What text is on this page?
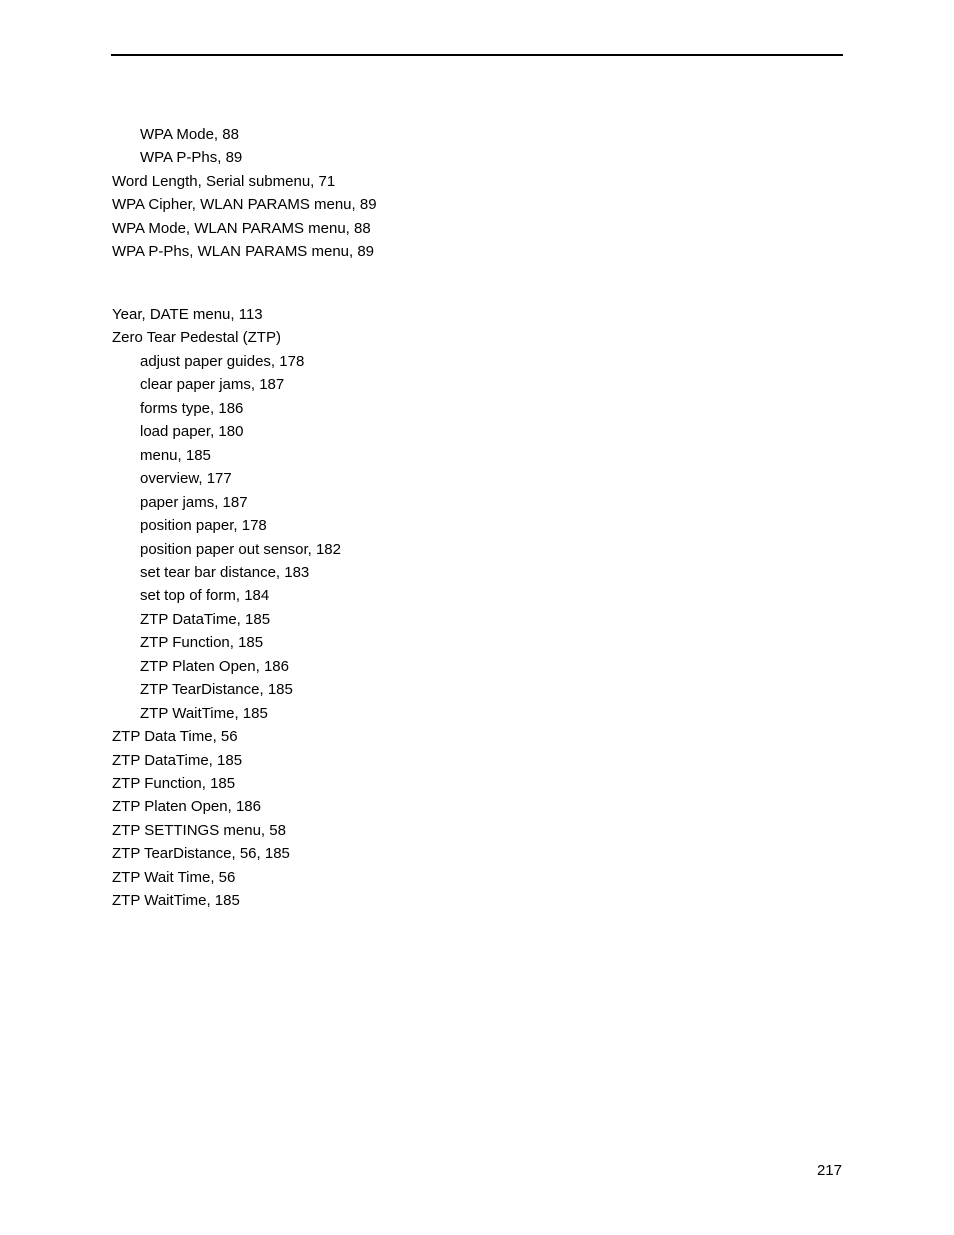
WPA Mode, 88
WPA P-Phs, 89
Word Length, Serial submenu, 71
WPA Cipher, WLAN PARAMS menu, 89
WPA Mode, WLAN PARAMS menu, 88
WPA P-Phs, WLAN PARAMS menu, 89
Year, DATE menu, 113
Zero Tear Pedestal (ZTP)
adjust paper guides, 178
clear paper jams, 187
forms type, 186
load paper, 180
menu, 185
overview, 177
paper jams, 187
position paper, 178
position paper out sensor, 182
set tear bar distance, 183
set top of form, 184
ZTP DataTime, 185
ZTP Function, 185
ZTP Platen Open, 186
ZTP TearDistance, 185
ZTP WaitTime, 185
ZTP Data Time, 56
ZTP DataTime, 185
ZTP Function, 185
ZTP Platen Open, 186
ZTP SETTINGS menu, 58
ZTP TearDistance, 56, 185
ZTP Wait Time, 56
ZTP WaitTime, 185
217
